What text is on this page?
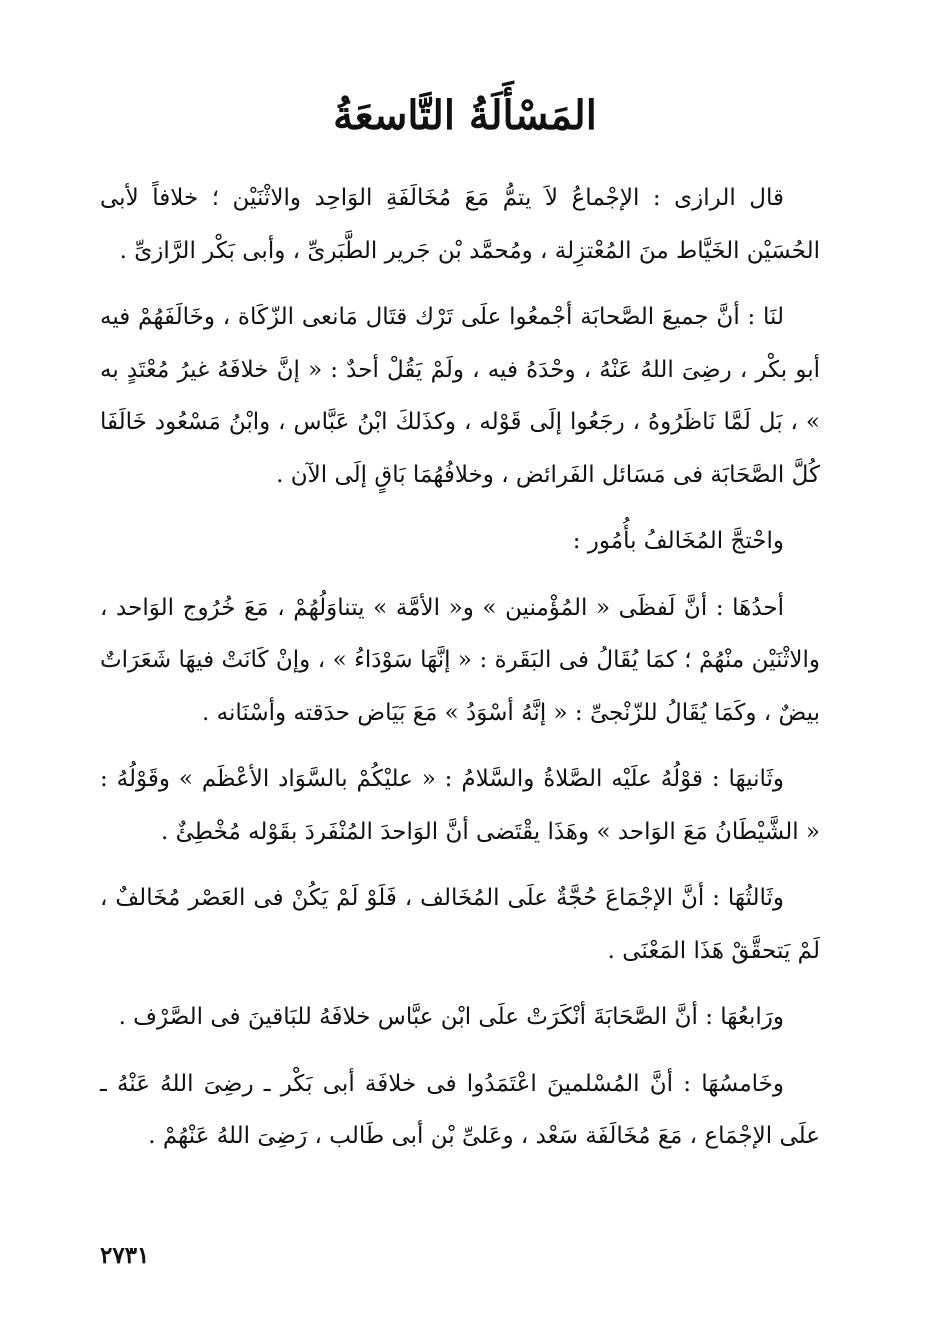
المَسْأَلَةُ التَّاسعَةُ

قال الرازى : الإجْماعُ لاَ يتمُّ مَعَ مُخَالَفَةِ الوَاحِد والاثْنَيْن ؛ خلافاً لأبى الحُسَيْن الخَيَّاط منَ المُعْتزِلة ، ومُحمَّد بْن جَرير الطَّبَرىِّ ، وأبى بَكْر الرَّازىِّ .

لنَا : أنَّ جميعَ الصَّحابَة أجْمعُوا علَى تَرْك قتَال مَانعى الزّكَاة ، وخَالَفَهُمْ فيه أبو بكْر ، رضِىَ اللهُ عَنْهُ ، وحْدَهُ فيه ، ولَمْ يَقُلْ أحدٌ : « إنَّ خلافَهُ غيرُ مُعْتَدٍ به » ، بَل لَمَّا نَاظَرُوهُ ، رجَعُوا إلَى قَوْله ، وكذَلكَ ابْنُ عَبَّاس ، وابْنُ مَسْعُود خَالَفَا كُلَّ الصَّحَابَة فى مَسَائل الفَرائض ، وخلافُهُمَا بَاقٍ إلَى الآن .

واحْتجَّ المُخَالفُ بأُمُور :

أحدُهَا : أنَّ لَفظَى « المُؤْمنين » و« الأمَّة » يتناوَلُهُمْ ، مَعَ خُرُوج الوَاحد ، والاثْنَيْن منْهُمْ ؛ كمَا يُقَالُ فى البَقَرة : « إنَّهَا سَوْدَاءُ » ، وإنْ كَانَتْ فيهَا شَعَرَاتٌ بيضٌ ، وكَمَا يُقَالُ للزّنْجىِّ : « إنَّهُ أسْوَدُ » مَعَ بَيَاض حدَقته وأسْنَانه .

وثَانيهَا : قوْلُهُ علَيْه الصَّلاةُ والسَّلامُ : « عليْكُمْ بالسَّوَاد الأعْظَم » وقَوْلُهُ : « الشَّيْطَانُ مَعَ الوَاحد » وهَذَا يقْتَضى أنَّ الوَاحدَ المُنْفَردَ بقَوْله مُخْطِئٌ .

وثَالثُهَا : أنَّ الإجْمَاعَ حُجَّةٌ علَى المُخَالف ، فَلَوْ لَمْ يَكُنْ فى العَصْر مُخَالفٌ ، لَمْ يَتحقَّقْ هَذَا المَعْنَى .

ورَابعُهَا : أنَّ الصَّحَابَةَ أنْكَرَتْ علَى ابْن عبَّاس خلافَهُ للبَاقينَ فى الصَّرْف .

وخَامسُهَا : أنَّ المُسْلمينَ اعْتَمَدُوا فى خلافَة أبى بَكْر ـ رضِىَ اللهُ عَنْهُ ـ علَى الإجْمَاع ، مَعَ مُخَالَفَة سَعْد ، وعَلىِّ بْن أبى طَالب ، رَضِىَ اللهُ عَنْهُمْ .

٢٧٣١
